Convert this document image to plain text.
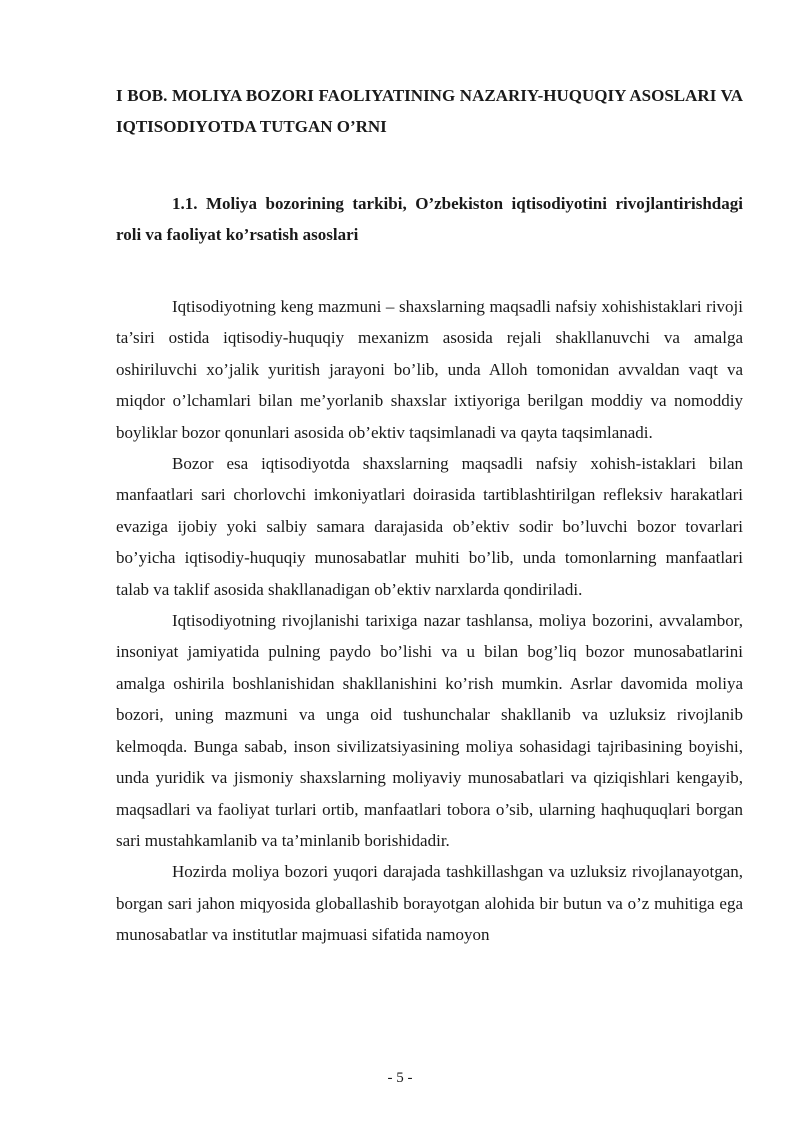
I BOB. MOLIYA BOZORI FAOLIYATINING NAZARIY-HUQUQIY ASOSLARI VA IQTISODIYOTDA TUTGAN O’RNI
1.1. Moliya bozorining tarkibi, O’zbekiston iqtisodiyotini rivojlantirishdagi roli va faoliyat ko’rsatish asoslari

Iqtisodiyotning keng mazmuni – shaxslarning maqsadli nafsiy xohishistaklari rivoji ta’siri ostida iqtisodiy-huquqiy mexanizm asosida rejali shakllanuvchi va amalga oshiriluvchi xo’jalik yuritish jarayoni bo’lib, unda Alloh tomonidan avvaldan vaqt va miqdor o’lchamlari bilan me’yorlanib shaxslar ixtiyoriga berilgan moddiy va nomoddiy boyliklar bozor qonunlari asosida ob’ektiv taqsimlanadi va qayta taqsimlanadi.

Bozor esa iqtisodiyotda shaxslarning maqsadli nafsiy xohish-istaklari bilan manfaatlari sari chorlovchi imkoniyatlari doirasida tartiblashtirilgan refleksiv harakatlari evaziga ijobiy yoki salbiy samara darajasida ob’ektiv sodir bo’luvchi bozor tovarlari bo’yicha iqtisodiy-huquqiy munosabatlar muhiti bo’lib, unda tomonlarning manfaatlari talab va taklif asosida shakllanadigan ob’ektiv narxlarda qondiriladi.

Iqtisodiyotning rivojlanishi tarixiga nazar tashlansa, moliya bozorini, avvalambor, insoniyat jamiyatida pulning paydo bo’lishi va u bilan bog’liq bozor munosabatlarini amalga oshirila boshlanishidan shakllanishini ko’rish mumkin. Asrlar davomida moliya bozori, uning mazmuni va unga oid tushunchalar shakllanib va uzluksiz rivojlanib kelmoqda. Bunga sabab, inson sivilizatsiyasining moliya sohasidagi tajribasining boyishi, unda yuridik va jismoniy shaxslarning moliyaviy munosabatlari va qiziqishlari kengayib, maqsadlari va faoliyat turlari ortib, manfaatlari tobora o’sib, ularning haqhuquqlari borgan sari mustahkamlanib va ta’minlanib borishidadir.

Hozirda moliya bozori yuqori darajada tashkillashgan va uzluksiz rivojlanayotgan, borgan sari jahon miqyosida globallashib borayotgan alohida bir butun va o’z muhitiga ega munosabatlar va institutlar majmuasi sifatida namoyon

- 5 -
